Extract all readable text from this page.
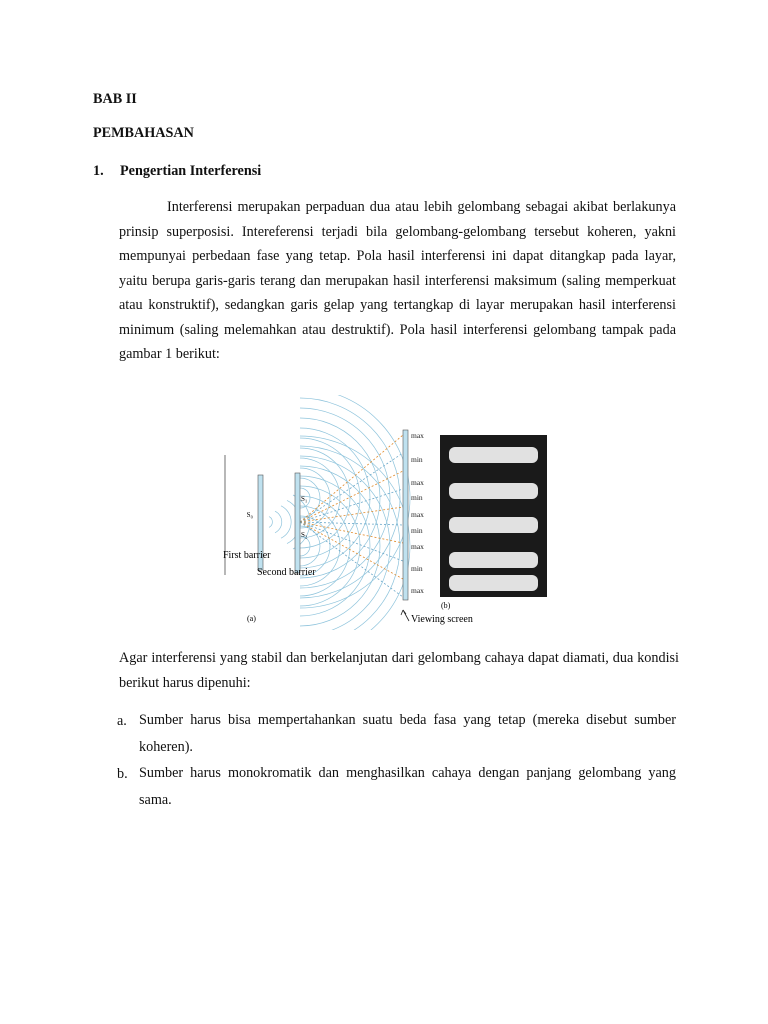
BAB II
PEMBAHASAN
1. Pengertian Interferensi
Interferensi merupakan perpaduan dua atau lebih gelombang sebagai akibat berlakunya prinsip superposisi. Intereferensi terjadi bila gelombang-gelombang tersebut koheren, yakni mempunyai perbedaan fase yang tetap. Pola hasil interferensi ini dapat ditangkap pada layar, yaitu berupa garis-garis terang dan merupakan hasil interferensi maksimum (saling memperkuat atau konstruktif), sedangkan garis gelap yang tertangkap di layar merupakan hasil interferensi minimum (saling melemahkan atau destruktif). Pola hasil interferensi gelombang tampak pada gambar 1 berikut:
S₀
S₁
S₂
First barrier
Second barrier
(a)
max
min
max
min
max
min
max
min
max
(b)
Viewing screen
Agar interferensi yang stabil dan berkelanjutan dari gelombang cahaya dapat diamati, dua kondisi berikut harus dipenuhi:
a. Sumber harus bisa mempertahankan suatu beda fasa yang tetap (mereka disebut sumber koheren).
b. Sumber harus monokromatik dan menghasilkan cahaya dengan panjang gelombang yang sama.
